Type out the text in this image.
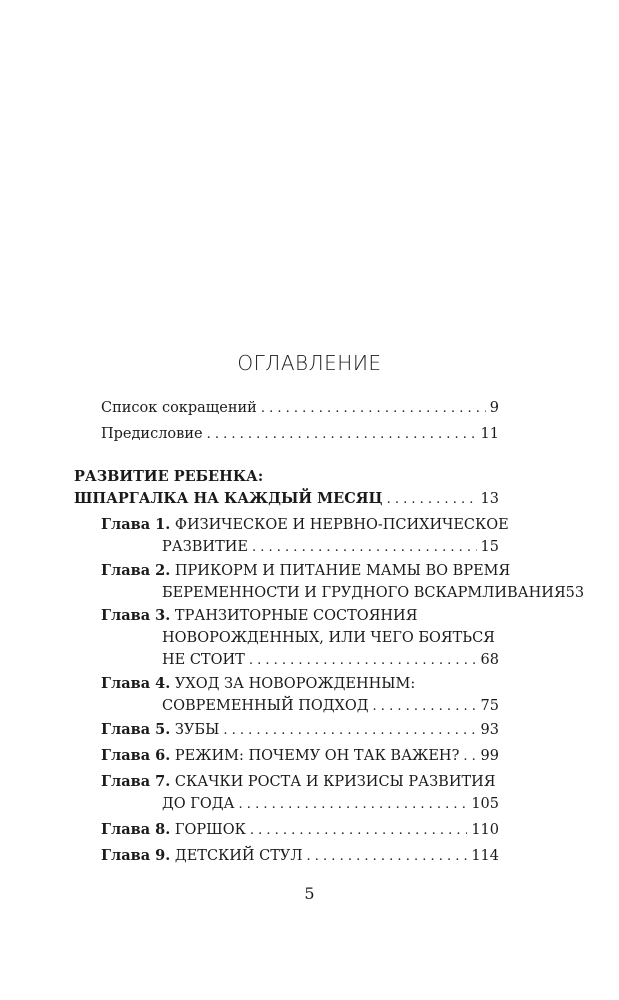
ОГЛАВЛЕНИЕ
Список сокращений . . .	9
Предисловие . . .	11
РАЗВИТИЕ РЕБЕНКА:
ШПАРГАЛКА НА КАЖДЫЙ МЕСЯЦ . . .	13
Глава 1. ФИЗИЧЕСКОЕ И НЕРВНО-ПСИХИЧЕСКОЕ
РАЗВИТИЕ . . .	15
Глава 2. ПРИКОРМ И ПИТАНИЕ МАМЫ ВО ВРЕМЯ
БЕРЕМЕННОСТИ И ГРУДНОГО ВСКАРМЛИВАНИЯ 53
Глава 3. ТРАНЗИТОРНЫЕ СОСТОЯНИЯ
НОВОРОЖДЕННЫХ, ИЛИ ЧЕГО БОЯТЬСЯ
НЕ СТОИТ . . .	68
Глава 4. УХОД ЗА НОВОРОЖДЕННЫМ:
СОВРЕМЕННЫЙ ПОДХОД . . .	75
Глава 5. ЗУБЫ . . .	93
Глава 6. РЕЖИМ: ПОЧЕМУ ОН ТАК ВАЖЕН? . . . 99
Глава 7. СКАЧКИ РОСТА И КРИЗИСЫ РАЗВИТИЯ
ДО ГОДА . . .	105
Глава 8. ГОРШОК . . .	110
Глава 9. ДЕТСКИЙ СТУЛ . . .	114
5
